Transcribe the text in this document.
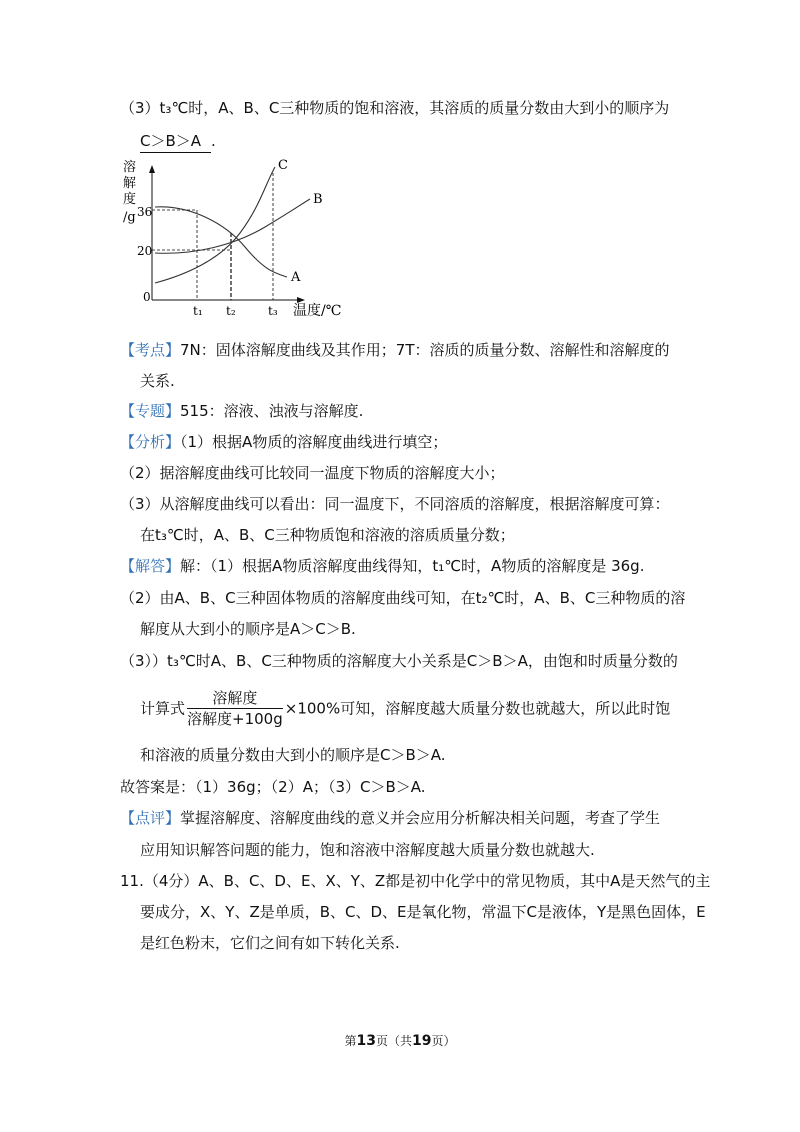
（3）t₃℃时，A、B、C三种物质的饱和溶液，其溶质的质量分数由大到小的顺序为
C＞B＞A .
溶
解
度
/g 36
20
0
A
B
C
t₁ t₂	t₃ 温度/℃
【考点】7N：固体溶解度曲线及其作用；7T：溶质的质量分数、溶解性和溶解度的
关系.
【专题】515：溶液、浊液与溶解度.
【分析】（1）根据A物质的溶解度曲线进行填空；
（2）据溶解度曲线可比较同一温度下物质的溶解度大小；
（3）从溶解度曲线可以看出：同一温度下，不同溶质的溶解度，根据溶解度可算：
在t₃℃时，A、B、C三种物质饱和溶液的溶质质量分数；
【解答】解：（1）根据A物质溶解度曲线得知，t₁℃时，A物质的溶解度是 36g.
（2）由A、B、C三种固体物质的溶解度曲线可知，在t₂℃时，A、B、C三种物质的溶
解度从大到小的顺序是A＞C＞B.
（3））t₃℃时A、B、C三种物质的溶解度大小关系是C＞B＞A，由饱和时质量分数的
计算式 $\frac{\text{溶解度}}{\text{溶解度+100g}} \times 100\%$可知，溶解度越大质量分数也就越大，所以此时饱
和溶液的质量分数由大到小的顺序是C＞B＞A.
故答案是：（1）36g；（2）A；（3）C＞B＞A.
【点评】掌握溶解度、溶解度曲线的意义并会应用分析解决相关问题，考查了学生
应用知识解答问题的能力，饱和溶液中溶解度越大质量分数也就越大.
11.（4分）A、B、C、D、E、X、Y、Z都是初中化学中的常见物质，其中A是天然气的主
要成分，X、Y、Z是单质，B、C、D、E是氧化物，常温下C是液体，Y是黑色固体，E
是红色粉末，它们之间有如下转化关系.
第13页（共19页）
